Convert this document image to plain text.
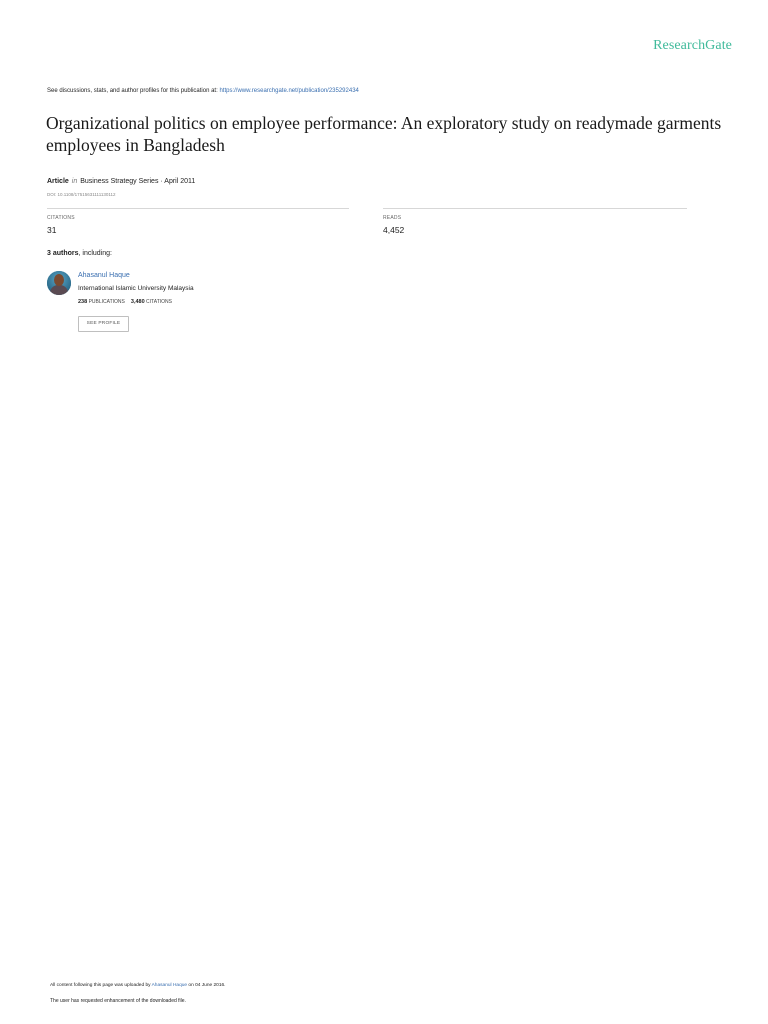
ResearchGate
See discussions, stats, and author profiles for this publication at: https://www.researchgate.net/publication/235292434
Organizational politics on employee performance: An exploratory study on readymade garments employees in Bangladesh
Article in Business Strategy Series · April 2011
DOI: 10.1108/17515631111130112
CITATIONS
31
READS
4,452
3 authors, including:
Ahasanul Haque
International Islamic University Malaysia
238 PUBLICATIONS 3,480 CITATIONS
SEE PROFILE
All content following this page was uploaded by Ahasanul Haque on 04 June 2016.
The user has requested enhancement of the downloaded file.
